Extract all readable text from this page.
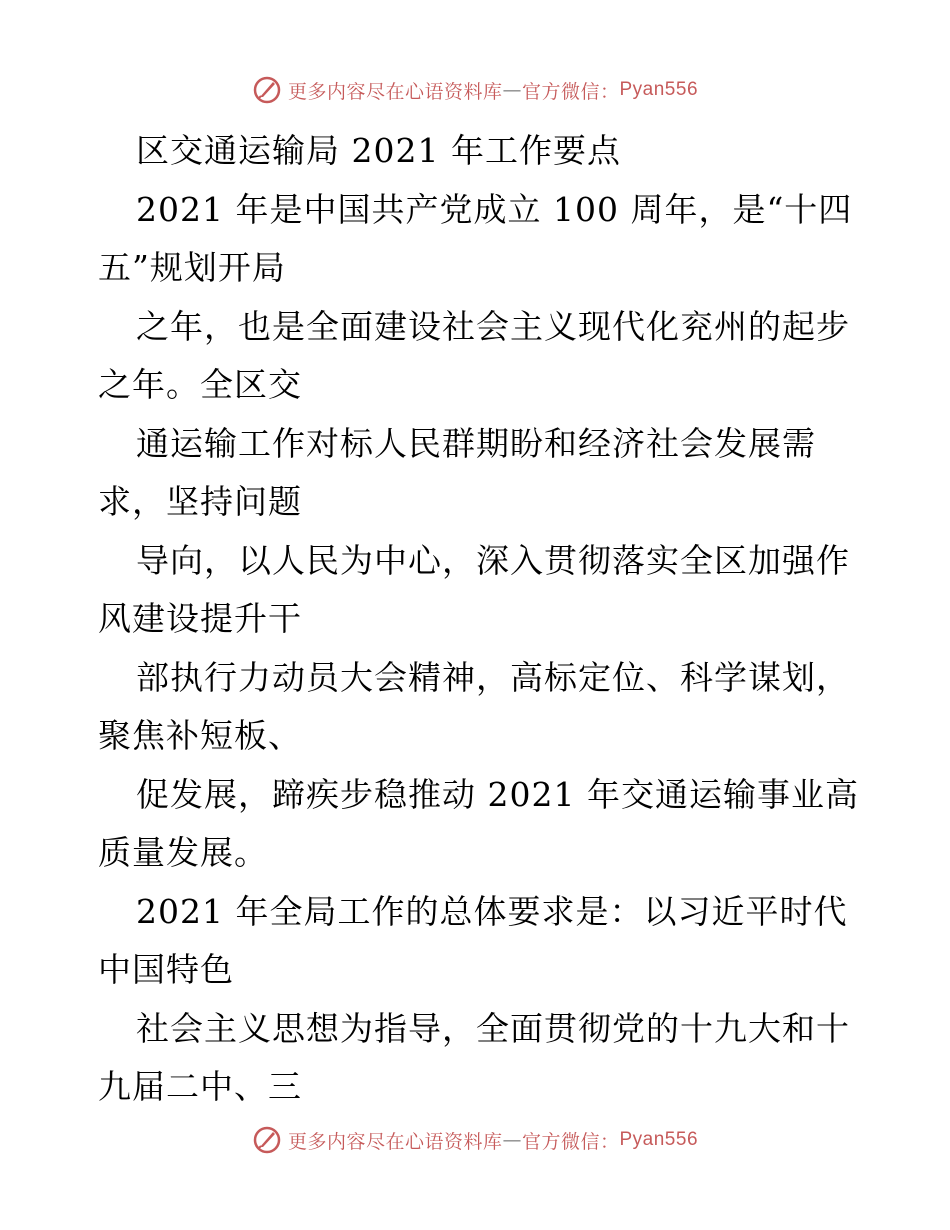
更多内容尽在心语资料库 — 官方微信： Pyan556
区交通运输局 2021 年工作要点
2021 年是中国共产党成立 100 周年，是“十四
五”规划开局
之年，也是全面建设社会主义现代化兖州的起步
之年。全区交
通运输工作对标人民群期盼和经济社会发展需
求，坚持问题
导向，以人民为中心，深入贯彻落实全区加强作
风建设提升干
部执行力动员大会精神，高标定位、科学谋划，
聚焦补短板、
促发展，蹄疾步稳推动 2021 年交通运输事业高
质量发展。
2021 年全局工作的总体要求是：以习近平时代
中国特色
社会主义思想为指导，全面贯彻党的十九大和十
九届二中、三
更多内容尽在心语资料库 — 官方微信： Pyan556
